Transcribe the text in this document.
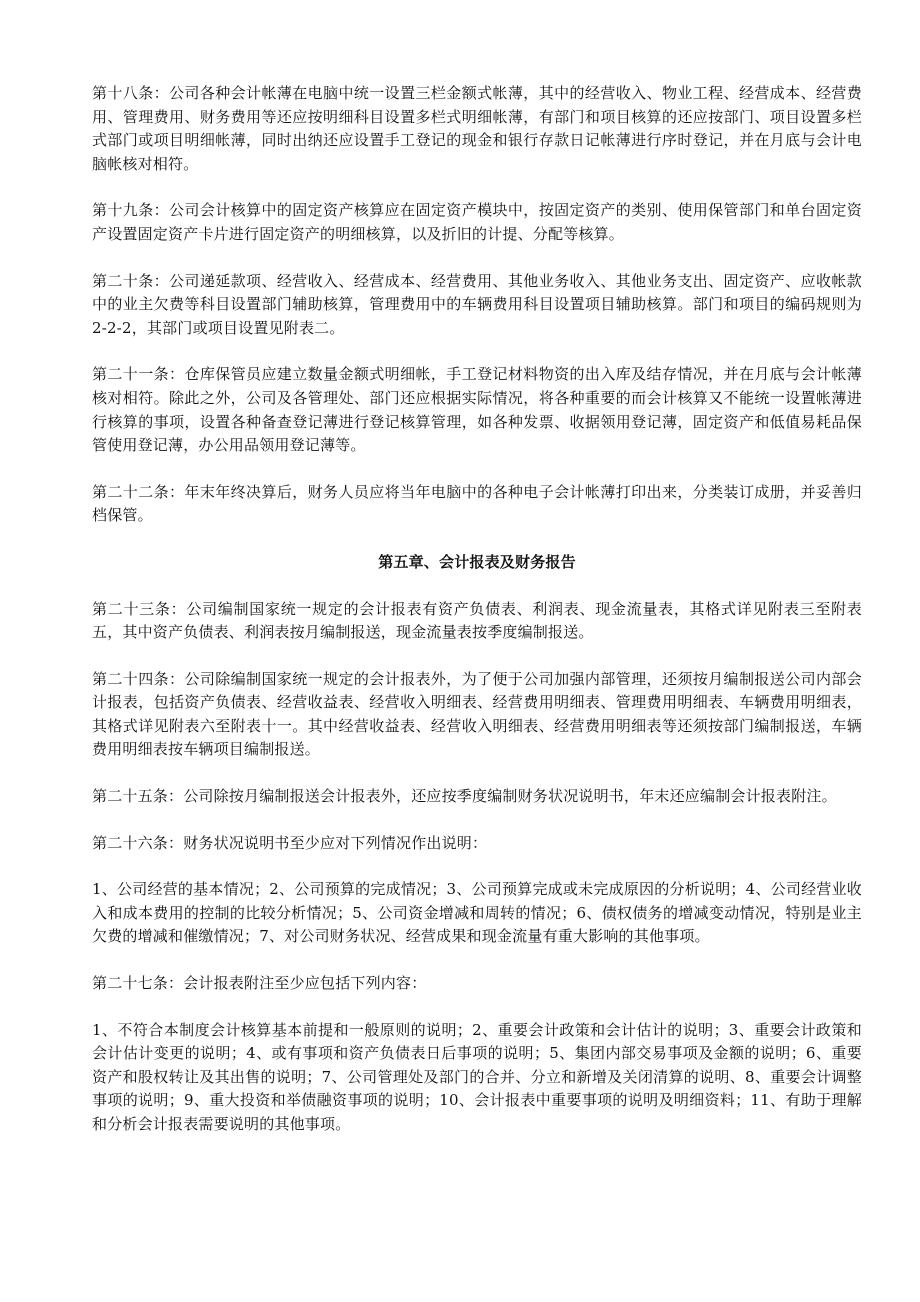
第十八条：公司各种会计帐薄在电脑中统一设置三栏金额式帐薄，其中的经营收入、物业工程、经营成本、经营费用、管理费用、财务费用等还应按明细科目设置多栏式明细帐薄，有部门和项目核算的还应按部门、项目设置多栏式部门或项目明细帐薄，同时出纳还应设置手工登记的现金和银行存款日记帐薄进行序时登记，并在月底与会计电脑帐核对相符。

第十九条：公司会计核算中的固定资产核算应在固定资产模块中，按固定资产的类别、使用保管部门和单台固定资产设置固定资产卡片进行固定资产的明细核算，以及折旧的计提、分配等核算。

第二十条：公司递延款项、经营收入、经营成本、经营费用、其他业务收入、其他业务支出、固定资产、应收帐款中的业主欠费等科目设置部门辅助核算，管理费用中的车辆费用科目设置项目辅助核算。部门和项目的编码规则为 2-2-2，其部门或项目设置见附表二。

第二十一条：仓库保管员应建立数量金额式明细帐，手工登记材料物资的出入库及结存情况，并在月底与会计帐薄核对相符。除此之外，公司及各管理处、部门还应根据实际情况，将各种重要的而会计核算又不能统一设置帐薄进行核算的事项，设置各种备查登记薄进行登记核算管理，如各种发票、收据领用登记薄，固定资产和低值易耗品保管使用登记薄，办公用品领用登记薄等。

第二十二条：年末年终决算后，财务人员应将当年电脑中的各种电子会计帐薄打印出来，分类装订成册，并妥善归档保管。

第五章、会计报表及财务报告

第二十三条：公司编制国家统一规定的会计报表有资产负债表、利润表、现金流量表，其格式详见附表三至附表五，其中资产负债表、利润表按月编制报送，现金流量表按季度编制报送。

第二十四条：公司除编制国家统一规定的会计报表外，为了便于公司加强内部管理，还须按月编制报送公司内部会计报表，包括资产负债表、经营收益表、经营收入明细表、经营费用明细表、管理费用明细表、车辆费用明细表，其格式详见附表六至附表十一。其中经营收益表、经营收入明细表、经营费用明细表等还须按部门编制报送，车辆费用明细表按车辆项目编制报送。

第二十五条：公司除按月编制报送会计报表外，还应按季度编制财务状况说明书，年末还应编制会计报表附注。

第二十六条：财务状况说明书至少应对下列情况作出说明：

1、公司经营的基本情况；2、公司预算的完成情况；3、公司预算完成或未完成原因的分析说明；4、公司经营业收入和成本费用的控制的比较分析情况；5、公司资金增减和周转的情况；6、债权债务的增减变动情况，特别是业主欠费的增减和催缴情况；7、对公司财务状况、经营成果和现金流量有重大影响的其他事项。

第二十七条：会计报表附注至少应包括下列内容：

1、不符合本制度会计核算基本前提和一般原则的说明；2、重要会计政策和会计估计的说明；3、重要会计政策和会计估计变更的说明；4、或有事项和资产负债表日后事项的说明；5、集团内部交易事项及金额的说明；6、重要资产和股权转让及其出售的说明；7、公司管理处及部门的合并、分立和新增及关闭清算的说明、8、重要会计调整事项的说明；9、重大投资和举债融资事项的说明；10、会计报表中重要事项的说明及明细资料；11、有助于理解和分析会计报表需要说明的其他事项。
